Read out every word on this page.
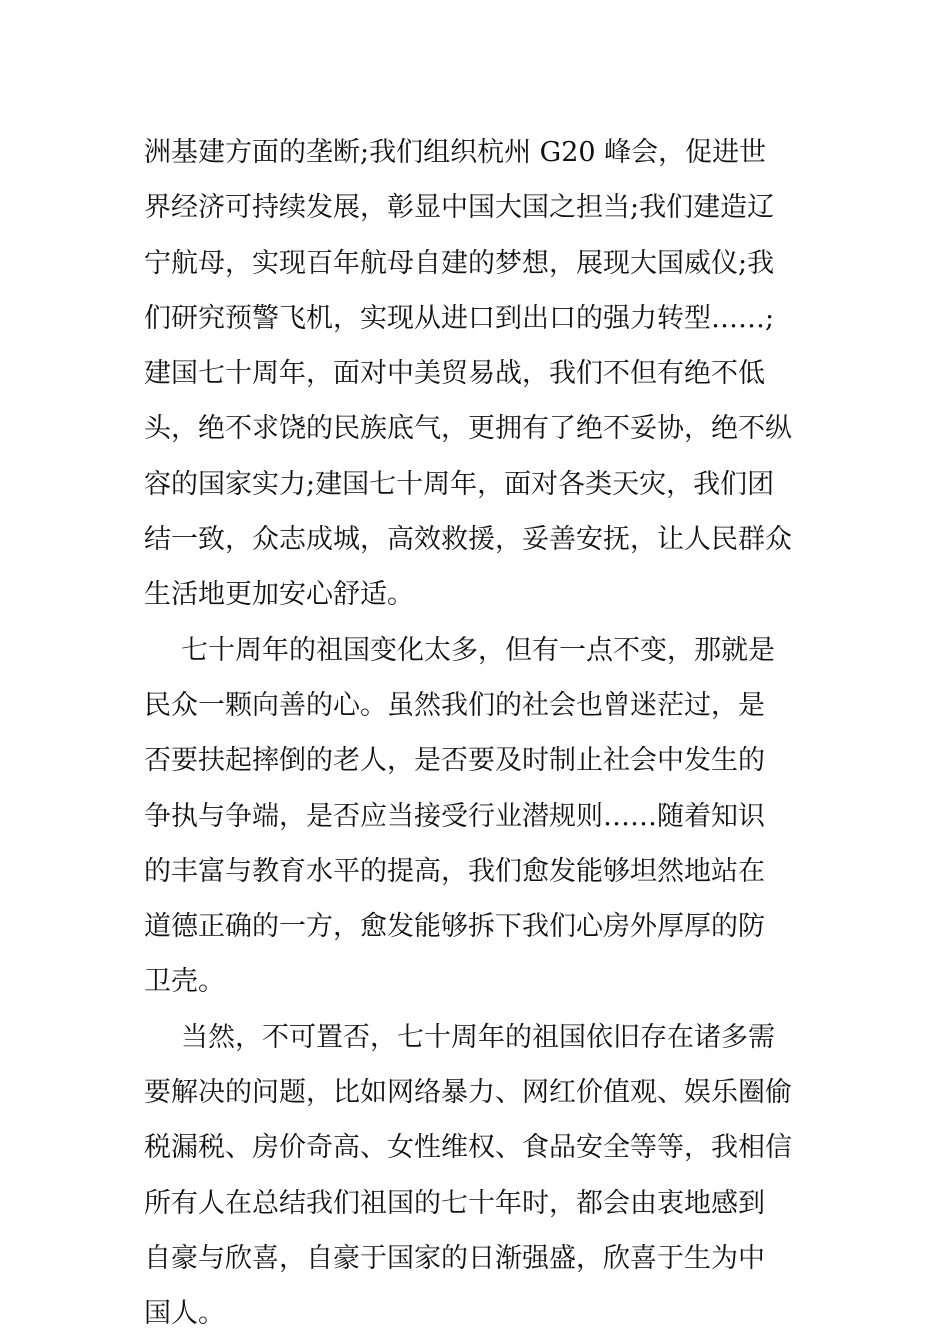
洲基建方面的垄断;我们组织杭州 G20 峰会，促进世
界经济可持续发展，彰显中国大国之担当;我们建造辽
宁航母，实现百年航母自建的梦想，展现大国威仪;我
们研究预警飞机，实现从进口到出口的强力转型……;
建国七十周年，面对中美贸易战，我们不但有绝不低
头，绝不求饶的民族底气，更拥有了绝不妥协，绝不纵
容的国家实力;建国七十周年，面对各类天灾，我们团
结一致，众志成城，高效救援，妥善安抚，让人民群众
生活地更加安心舒适。
七十周年的祖国变化太多，但有一点不变，那就是
民众一颗向善的心。虽然我们的社会也曾迷茫过，是
否要扶起摔倒的老人，是否要及时制止社会中发生的
争执与争端，是否应当接受行业潜规则……随着知识
的丰富与教育水平的提高，我们愈发能够坦然地站在
道德正确的一方，愈发能够拆下我们心房外厚厚的防
卫壳。
当然，不可置否，七十周年的祖国依旧存在诸多需
要解决的问题，比如网络暴力、网红价值观、娱乐圈偷
税漏税、房价奇高、女性维权、食品安全等等，我相信
所有人在总结我们祖国的七十年时，都会由衷地感到
自豪与欣喜，自豪于国家的日渐强盛，欣喜于生为中
国人。
